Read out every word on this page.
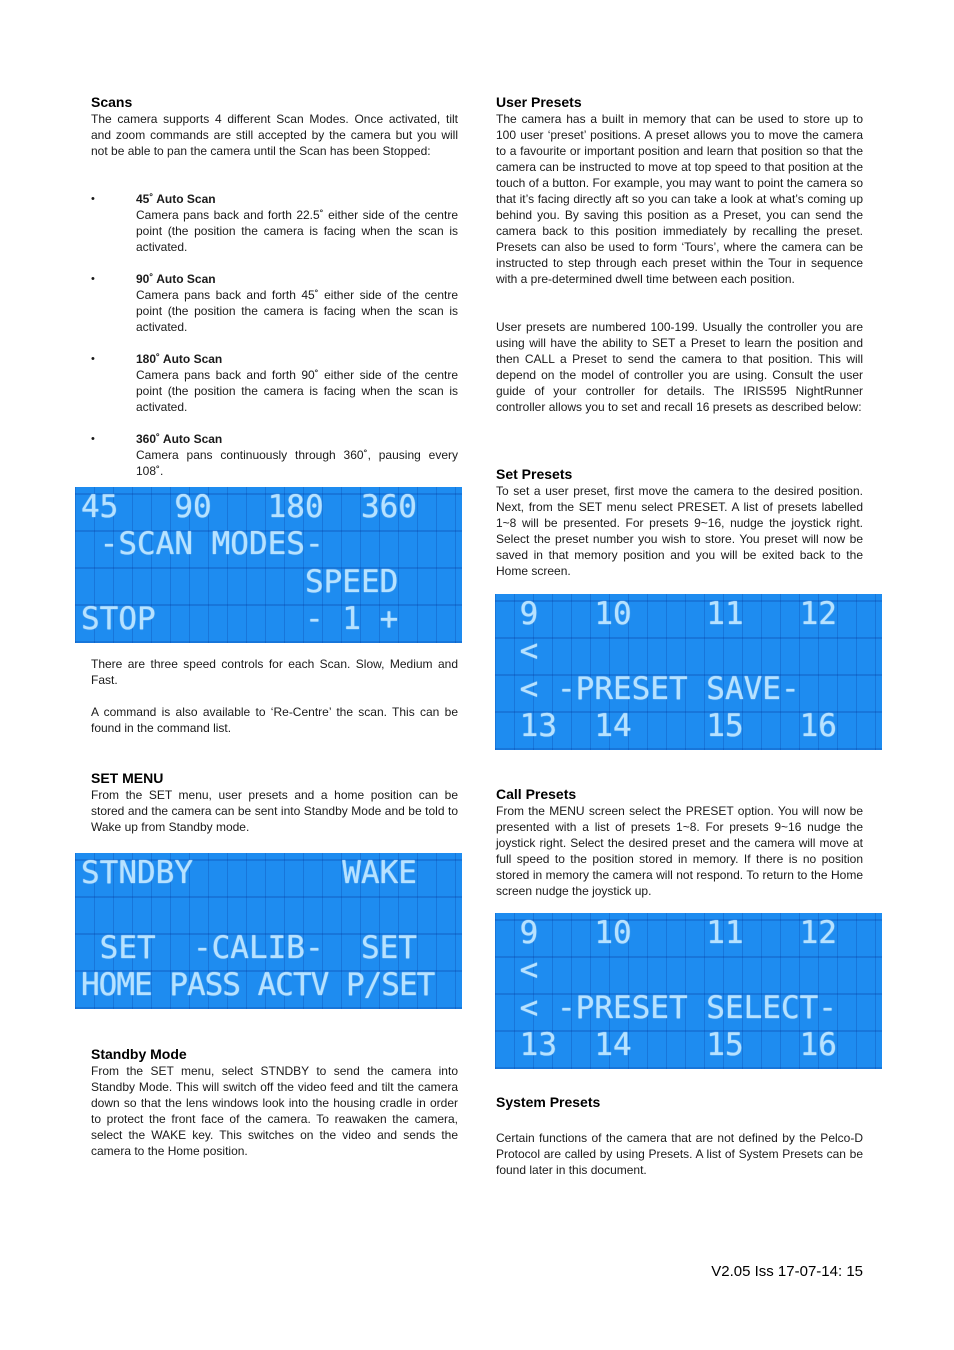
Scans
The camera supports 4 different Scan Modes. Once activated, tilt and zoom commands are still accepted by the camera but you will not be able to pan the camera until the Scan has been Stopped:
•	45˚ Auto Scan
Camera pans back and forth 22.5˚ either side of the centre point (the position the camera is facing when the scan is activated.
•	90˚ Auto Scan
Camera pans back and forth 45˚ either side of the centre point (the position the camera is facing when the scan is activated.
•	180˚ Auto Scan
Camera pans back and forth 90˚ either side of the centre point (the position the camera is facing when the scan is activated.
•	360˚ Auto Scan
Camera pans continuously through 360˚, pausing every 108˚.
45   90   180  360
-SCAN MODES-
SPEED
STOP        - 1 +
There are three speed controls for each Scan. Slow, Medium and Fast.
A command is also available to ‘Re-Centre’ the scan. This can be found in the command list.
SET MENU
From the SET menu, user presets and a home position can be stored and the camera can be sent into Standby Mode and be told to Wake up from Standby mode.
STNDBY        WAKE
SET  -CALIB-  SET
HOME PASS ACTV P/SET
Standby Mode
From the SET menu, select STNDBY to send the camera into Standby Mode. This will switch off the video feed and tilt the camera down so that the lens windows look into the housing cradle in order to protect the front face of the camera. To reawaken the camera, select the WAKE key. This switches on the video and sends the camera to the Home position.
User Presets
The camera has a built in memory that can be used to store up to 100 user ‘preset’ positions. A preset allows you to move the camera to a favourite or important position and learn that position so that the camera can be instructed to move at top speed to that position at the touch of a button. For example, you may want to point the camera so that it’s facing directly aft so you can take a look at what’s coming up behind you. By saving this position as a Preset, you can send the camera back to this position immediately by recalling the preset. Presets can also be used to form ‘Tours’, where the camera can be instructed to step through each preset within the Tour in sequence with a pre-determined dwell time between each position.
User presets are numbered 100-199. Usually the controller you are using will have the ability to SET a Preset to learn the position and then CALL a Preset to send the camera to that position. This will depend on the model of controller you are using. Consult the user guide of your controller for details. The IRIS595 NightRunner controller allows you to set and recall 16 presets as described below:
Set Presets
To set a user preset, first move the camera to the desired position. Next, from the SET menu select PRESET. A list of presets labelled 1~8 will be presented. For presets 9~16, nudge the joystick right. Select the preset number you wish to store. You preset will now be saved in that memory position and you will be exited back to the Home screen.
9   10    11   12
<
< -PRESET SAVE-
13  14    15   16
Call Presets
From the MENU screen select the PRESET option. You will now be presented with a list of presets 1~8. For presets 9~16 nudge the joystick right. Select the desired preset and the camera will move at full speed to the position stored in memory. If there is no position stored in memory the camera will not respond. To return to the Home screen nudge the joystick up.
9   10    11   12
<
< -PRESET SELECT-
13  14    15   16
System Presets
Certain functions of the camera that are not defined by the Pelco-D Protocol are called by using Presets. A list of System Presets can be found later in this document.
V2.05 Iss 17-07-14: 15
